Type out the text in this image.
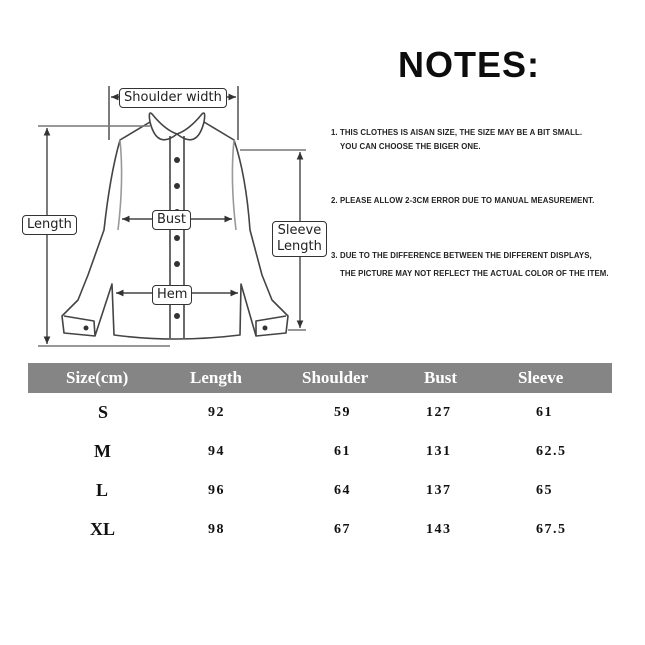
Shoulder width
Length	Bust
Sleeve
Length
Hem
NOTES:
1. THIS CLOTHES IS AISAN SIZE, THE SIZE MAY BE A BIT SMALL.
YOU CAN CHOOSE THE BIGER ONE.
2. PLEASE ALLOW 2-3CM ERROR DUE TO MANUAL MEASUREMENT.
3. DUE TO THE DIFFERENCE BETWEEN THE DIFFERENT DISPLAYS,
THE PICTURE MAY NOT REFLECT THE ACTUAL COLOR OF THE ITEM.
Size(cm)	Length	Shoulder	Bust	Sleeve
S	92	59	127	61
M	94	61	131	62.5
L	96	64	137	65
XL	98	67	143	67.5
